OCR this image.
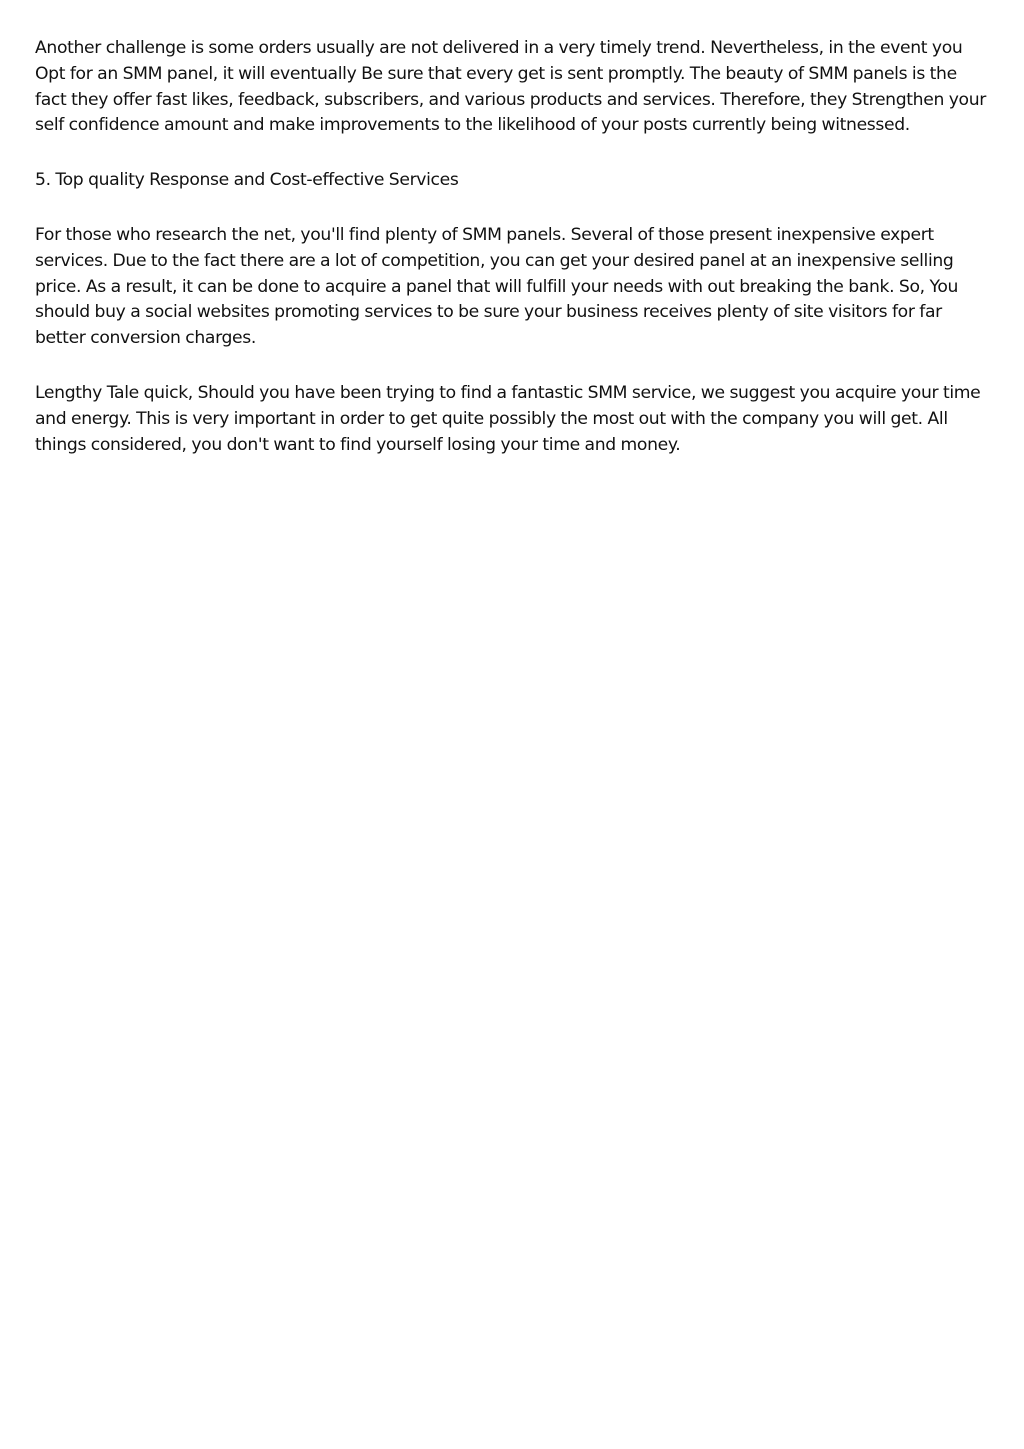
Another challenge is some orders usually are not delivered in a very timely trend. Nevertheless, in the event you Opt for an SMM panel, it will eventually Be sure that every get is sent promptly. The beauty of SMM panels is the fact they offer fast likes, feedback, subscribers, and various products and services. Therefore, they Strengthen your self confidence amount and make improvements to the likelihood of your posts currently being witnessed.

5. Top quality Response and Cost-effective Services

For those who research the net, you'll find plenty of SMM panels. Several of those present inexpensive expert services. Due to the fact there are a lot of competition, you can get your desired panel at an inexpensive selling price. As a result, it can be done to acquire a panel that will fulfill your needs with out breaking the bank. So, You should buy a social websites promoting services to be sure your business receives plenty of site visitors for far better conversion charges.

Lengthy Tale quick, Should you have been trying to find a fantastic SMM service, we suggest you acquire your time and energy. This is very important in order to get quite possibly the most out with the company you will get. All things considered, you don't want to find yourself losing your time and money.
